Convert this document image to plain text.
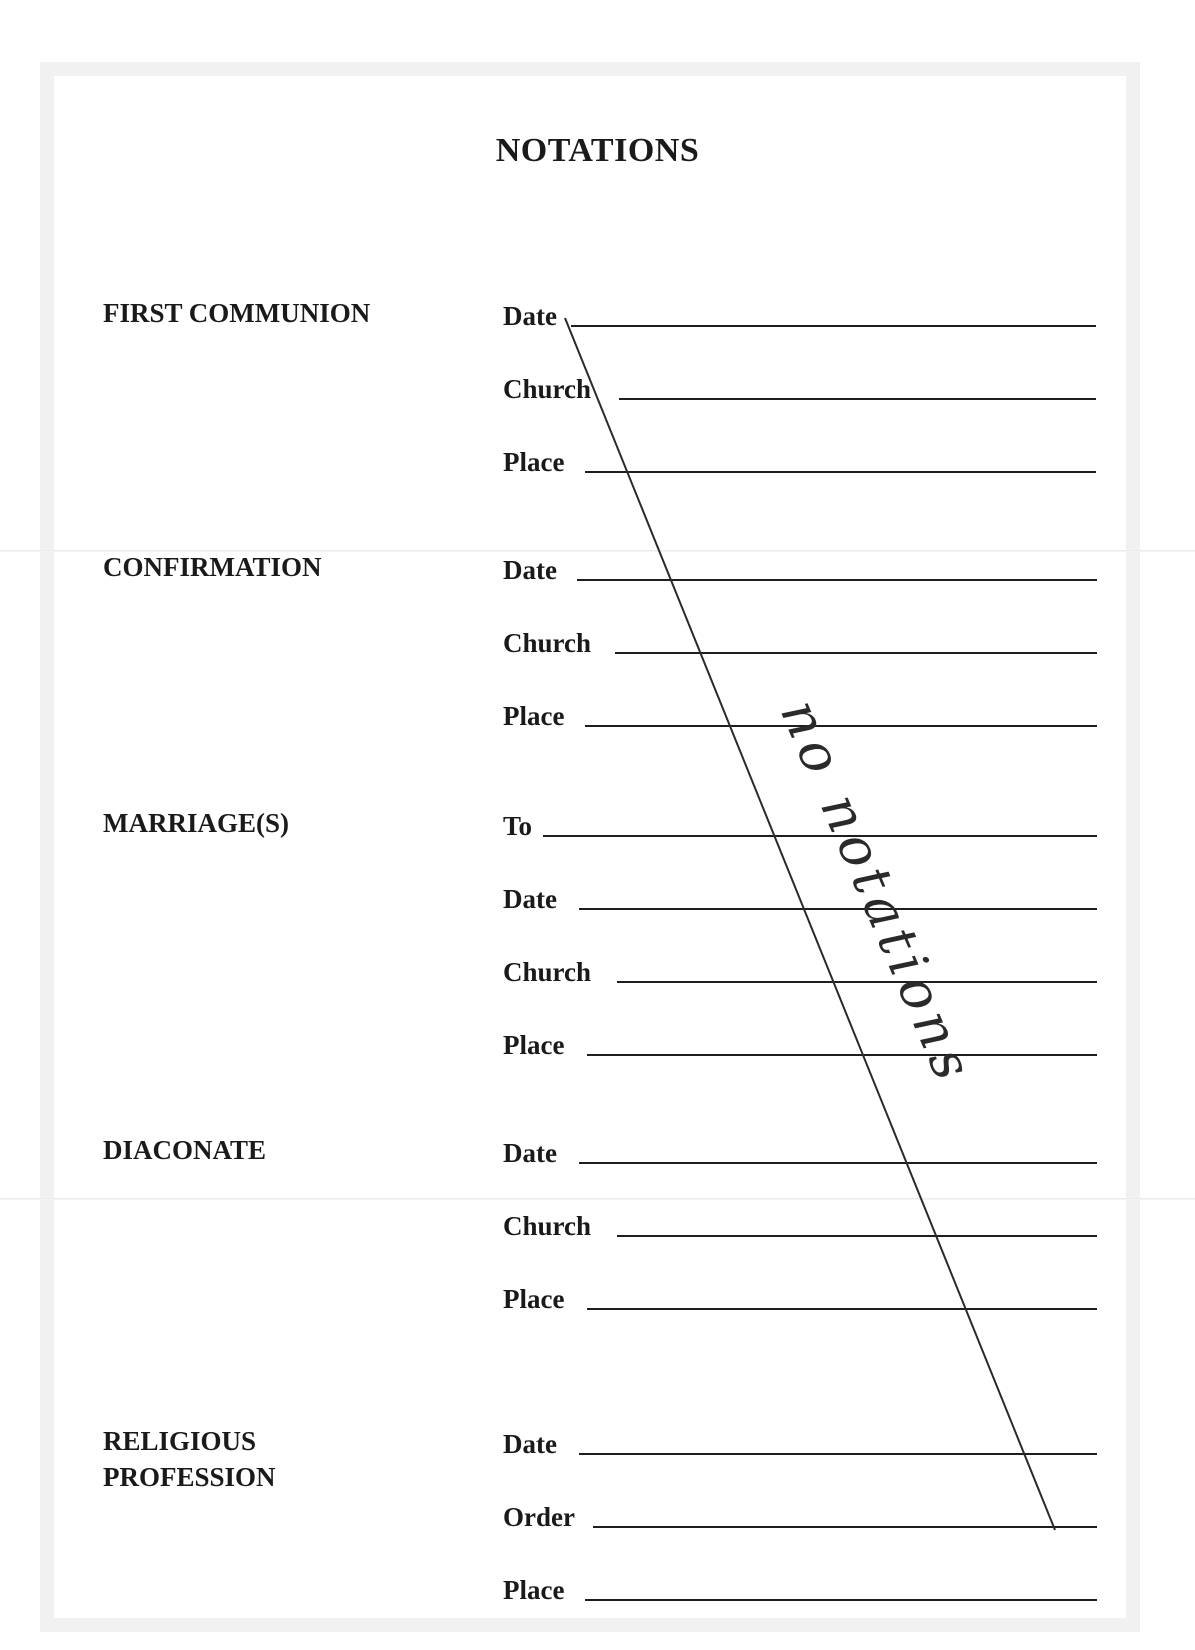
NOTATIONS
FIRST COMMUNION	Date
Church
Place
CONFIRMATION	Date
Church
Place
MARRIAGE(S)	To
Date
Church
Place
DIACONATE	Date
Church
Place
RELIGIOUS
PROFESSION
Date
Order
Place
no notations
